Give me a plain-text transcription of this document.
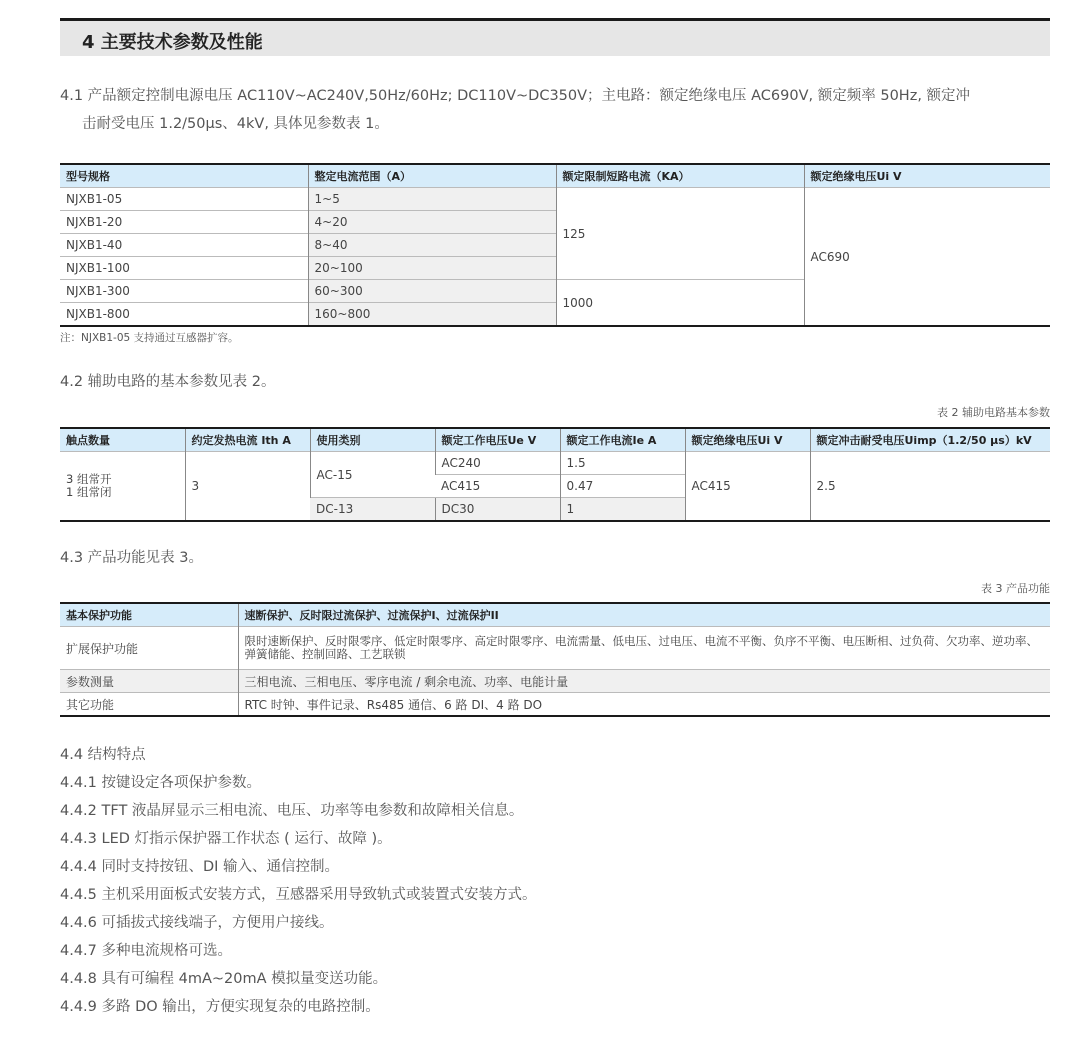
4 主要技术参数及性能
4.1 产品额定控制电源电压 AC110V~AC240V,50Hz/60Hz; DC110V~DC350V；主电路：额定绝缘电压 AC690V, 额定频率 50Hz, 额定冲
击耐受电压 1.2/50μs、4kV, 具体见参数表 1。
型号规格	整定电流范围（A）	额定限制短路电流（KA）	额定绝缘电压Ui V
NJXB1-05	1~5	125	AC690
NJXB1-20	4~20		
NJXB1-40	8~40		
NJXB1-100	20~100		
NJXB1-300	60~300	1000	
NJXB1-800	160~800		
注：NJXB1-05 支持通过互感器扩容。
4.2 辅助电路的基本参数见表 2。
表 2 辅助电路基本参数
触点数量	约定发热电流 Ith A	使用类别	额定工作电压Ue V	额定工作电流Ie A	额定绝缘电压Ui V	额定冲击耐受电压Uimp（1.2/50 μs）kV

3 组常开
1 组常闭	3	AC-15	AC240	1.5	AC415	2.5
			AC415	0.47		
		DC-13	DC30	1		
4.3 产品功能见表 3。
表 3 产品功能
基本保护功能	速断保护、反时限过流保护、过流保护I、过流保护II
扩展保护功能	限时速断保护、反时限零序、低定时限零序、高定时限零序、电流需量、低电压、过电压、电流不平衡、负序不平衡、电压断相、过负荷、欠功率、逆功率、弹簧储能、控制回路、工艺联锁
参数测量	三相电流、三相电压、零序电流 / 剩余电流、功率、电能计量
其它功能	RTC 时钟、事件记录、Rs485 通信、6 路 DI、4 路 DO
4.4 结构特点
4.4.1 按键设定各项保护参数。
4.4.2 TFT 液晶屏显示三相电流、电压、功率等电参数和故障相关信息。
4.4.3 LED 灯指示保护器工作状态 ( 运行、故障 )。
4.4.4 同时支持按钮、DI 输入、通信控制。
4.4.5 主机采用面板式安装方式，互感器采用导致轨式或装置式安装方式。
4.4.6 可插拔式接线端子，方便用户接线。
4.4.7 多种电流规格可选。
4.4.8 具有可编程 4mA~20mA 模拟量变送功能。
4.4.9 多路 DO 输出，方便实现复杂的电路控制。
